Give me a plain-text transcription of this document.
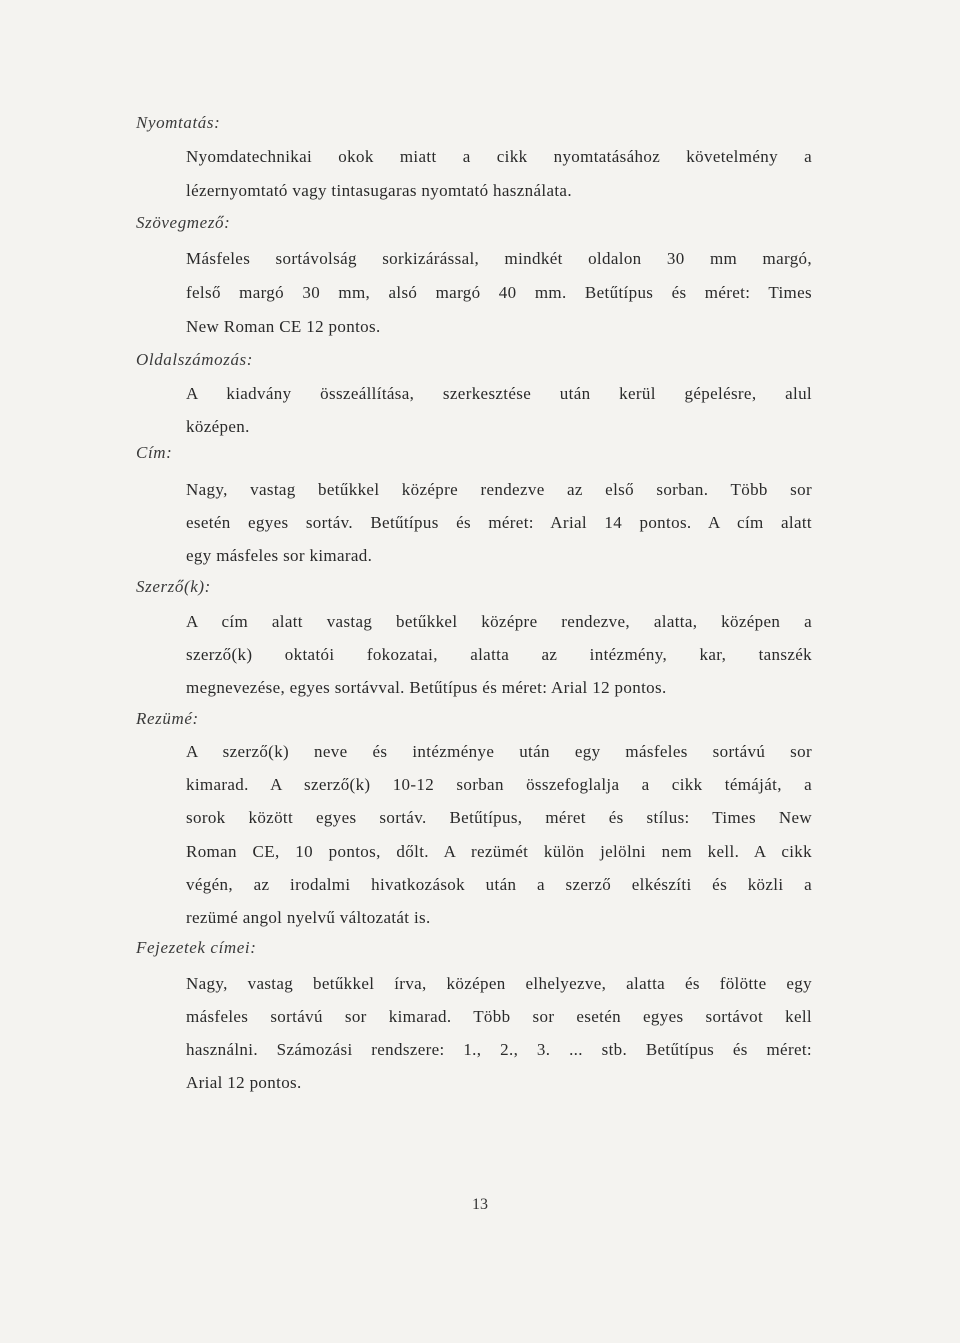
Nyomtatás:
Nyomdatechnikai okok miatt a cikk nyomtatásához követelmény a
lézernyomtató vagy tintasugaras nyomtató használata.
Szövegmező:
Másfeles sortávolság sorkizárással, mindkét oldalon 30 mm margó,
felső margó 30 mm, alsó margó 40 mm. Betűtípus és méret: Times
New Roman CE 12 pontos.
Oldalszámozás:
A kiadvány összeállítása, szerkesztése után kerül gépelésre, alul
középen.
Cím:
Nagy, vastag betűkkel középre rendezve az első sorban. Több sor
esetén egyes sortáv. Betűtípus és méret: Arial 14 pontos. A cím alatt
egy másfeles sor kimarad.
Szerző(k):
A cím alatt vastag betűkkel középre rendezve, alatta, középen a
szerző(k) oktatói fokozatai, alatta az intézmény, kar, tanszék
megnevezése, egyes sortávval. Betűtípus és méret: Arial 12 pontos.
Rezümé:
A szerző(k) neve és intézménye után egy másfeles sortávú sor
kimarad. A szerző(k) 10-12 sorban összefoglalja a cikk témáját, a
sorok között egyes sortáv. Betűtípus, méret és stílus: Times New
Roman CE, 10 pontos, dőlt. A rezümét külön jelölni nem kell. A cikk
végén, az irodalmi hivatkozások után a szerző elkészíti és közli a
rezümé angol nyelvű változatát is.
Fejezetek címei:
Nagy, vastag betűkkel írva, középen elhelyezve, alatta és fölötte egy
másfeles sortávú sor kimarad. Több sor esetén egyes sortávot kell
használni. Számozási rendszere: 1., 2., 3. ... stb. Betűtípus és méret:
Arial 12 pontos.
13
